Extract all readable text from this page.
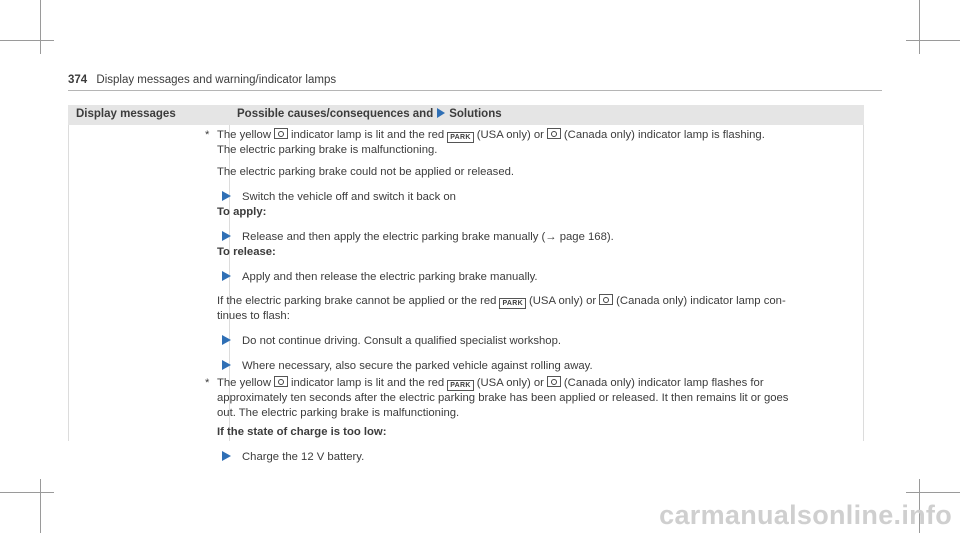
374 Display messages and warning/indicator lamps
Display messages	Possible causes/consequences and Solutions
* The yellow indicator lamp is lit and the red PARK (USA only) or (Canada only) indicator lamp is flashing.

The electric parking brake is malfunctioning.

The electric parking brake could not be applied or released.

Switch the vehicle off and switch it back on

To apply:

Release and then apply the electric parking brake manually (→ page 168).

To release:

Apply and then release the electric parking brake manually.

If the electric parking brake cannot be applied or the red PARK (USA only) or (Canada only) indicator lamp con-

tinues to flash:

Do not continue driving. Consult a qualified specialist workshop.

Where necessary, also secure the parked vehicle against rolling away.

* The yellow indicator lamp is lit and the red PARK (USA only) or (Canada only) indicator lamp flashes for

approximately ten seconds after the electric parking brake has been applied or released. It then remains lit or goes

out. The electric parking brake is malfunctioning.

If the state of charge is too low:

Charge the 12 V battery.

carmanualsonline.info
